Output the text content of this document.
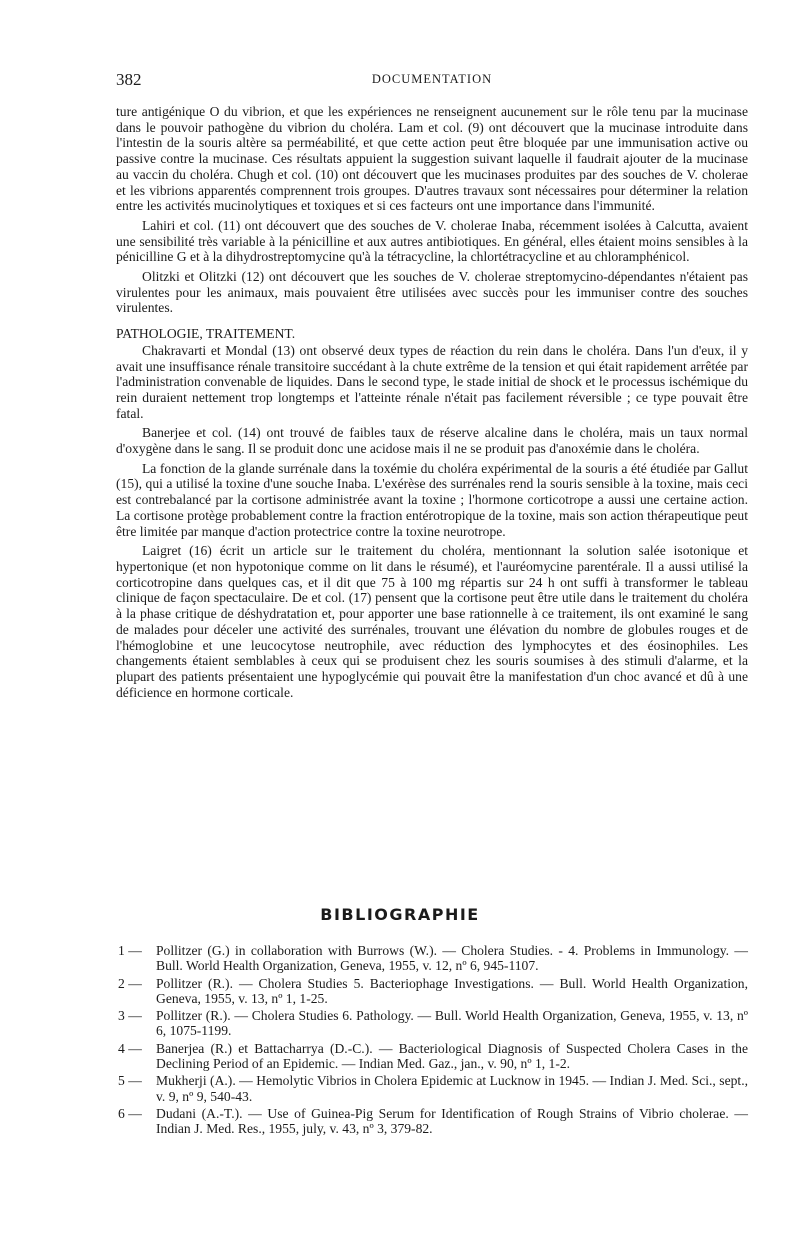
382	DOCUMENTATION

ture antigénique O du vibrion, et que les expériences ne renseignent aucunement sur le rôle tenu par la mucinase dans le pouvoir pathogène du vibrion du choléra. Lam et col. (9) ont découvert que la mucinase introduite dans l'intestin de la souris altère sa perméabilité, et que cette action peut être bloquée par une immunisation active ou passive contre la mucinase. Ces résultats appuient la suggestion suivant laquelle il faudrait ajouter de la mucinase au vaccin du choléra. Chugh et col. (10) ont découvert que les mucinases produites par des souches de V. cholerae et les vibrions apparentés comprennent trois groupes. D'autres travaux sont nécessaires pour déterminer la relation entre les activités mucinolytiques et toxiques et si ces facteurs ont une importance dans l'immunité.

Lahiri et col. (11) ont découvert que des souches de V. cholerae Inaba, récemment isolées à Calcutta, avaient une sensibilité très variable à la pénicilline et aux autres antibiotiques. En général, elles étaient moins sensibles à la pénicilline G et à la dihydrostreptomycine qu'à la tétracycline, la chlortétracycline et au chloramphénicol.

Olitzki et Olitzki (12) ont découvert que les souches de V. cholerae streptomycino-dépendantes n'étaient pas virulentes pour les animaux, mais pouvaient être utilisées avec succès pour les immuniser contre des souches virulentes.

PATHOLOGIE, TRAITEMENT.

Chakravarti et Mondal (13) ont observé deux types de réaction du rein dans le choléra. Dans l'un d'eux, il y avait une insuffisance rénale transitoire succédant à la chute extrême de la tension et qui était rapidement arrêtée par l'administration convenable de liquides. Dans le second type, le stade initial de shock et le processus ischémique du rein duraient nettement trop longtemps et l'atteinte rénale n'était pas facilement réversible ; ce type pouvait être fatal.

Banerjee et col. (14) ont trouvé de faibles taux de réserve alcaline dans le choléra, mais un taux normal d'oxygène dans le sang. Il se produit donc une acidose mais il ne se produit pas d'anoxémie dans le choléra.

La fonction de la glande surrénale dans la toxémie du choléra expérimental de la souris a été étudiée par Gallut (15), qui a utilisé la toxine d'une souche Inaba. L'exérèse des surrénales rend la souris sensible à la toxine, mais ceci est contrebalancé par la cortisone administrée avant la toxine ; l'hormone corticotrope a aussi une certaine action. La cortisone protège probablement contre la fraction entérotropique de la toxine, mais son action thérapeutique peut être limitée par manque d'action protectrice contre la toxine neurotrope.

Laigret (16) écrit un article sur le traitement du choléra, mentionnant la solution salée isotonique et hypertonique (et non hypotonique comme on lit dans le résumé), et l'auréomycine parentérale. Il a aussi utilisé la corticotropine dans quelques cas, et il dit que 75 à 100 mg répartis sur 24 h ont suffi à transformer le tableau clinique de façon spectaculaire. De et col. (17) pensent que la cortisone peut être utile dans le traitement du choléra à la phase critique de déshydratation et, pour apporter une base rationnelle à ce traitement, ils ont examiné le sang de malades pour déceler une activité des surrénales, trouvant une élévation du nombre de globules rouges et de l'hémoglobine et une leucocytose neutrophile, avec réduction des lymphocytes et des éosinophiles. Les changements étaient semblables à ceux qui se produisent chez les souris soumises à des stimuli d'alarme, et la plupart des patients présentaient une hypoglycémie qui pouvait être la manifestation d'un choc avancé et dû à une déficience en hormone corticale.

BIBLIOGRAPHIE
1 — Pollitzer (G.) in collaboration with Burrows (W.). — Cholera Studies. - 4. Problems in Immunology. — Bull. World Health Organization, Geneva, 1955, v. 12, nº 6, 945-1107.
2 — Pollitzer (R.). — Cholera Studies 5. Bacteriophage Investigations. — Bull. World Health Organization, Geneva, 1955, v. 13, nº 1, 1-25.
3 — Pollitzer (R.). — Cholera Studies 6. Pathology. — Bull. World Health Organization, Geneva, 1955, v. 13, nº 6, 1075-1199.
4 — Banerjea (R.) et Battacharrya (D.-C.). — Bacteriological Diagnosis of Suspected Cholera Cases in the Declining Period of an Epidemic. — Indian Med. Gaz., jan., v. 90, nº 1, 1-2.
5 — Mukherji (A.). — Hemolytic Vibrios in Cholera Epidemic at Lucknow in 1945. — Indian J. Med. Sci., sept., v. 9, nº 9, 540-43.
6 — Dudani (A.-T.). — Use of Guinea-Pig Serum for Identification of Rough Strains of Vibrio cholerae. — Indian J. Med. Res., 1955, july, v. 43, nº 3, 379-82.
